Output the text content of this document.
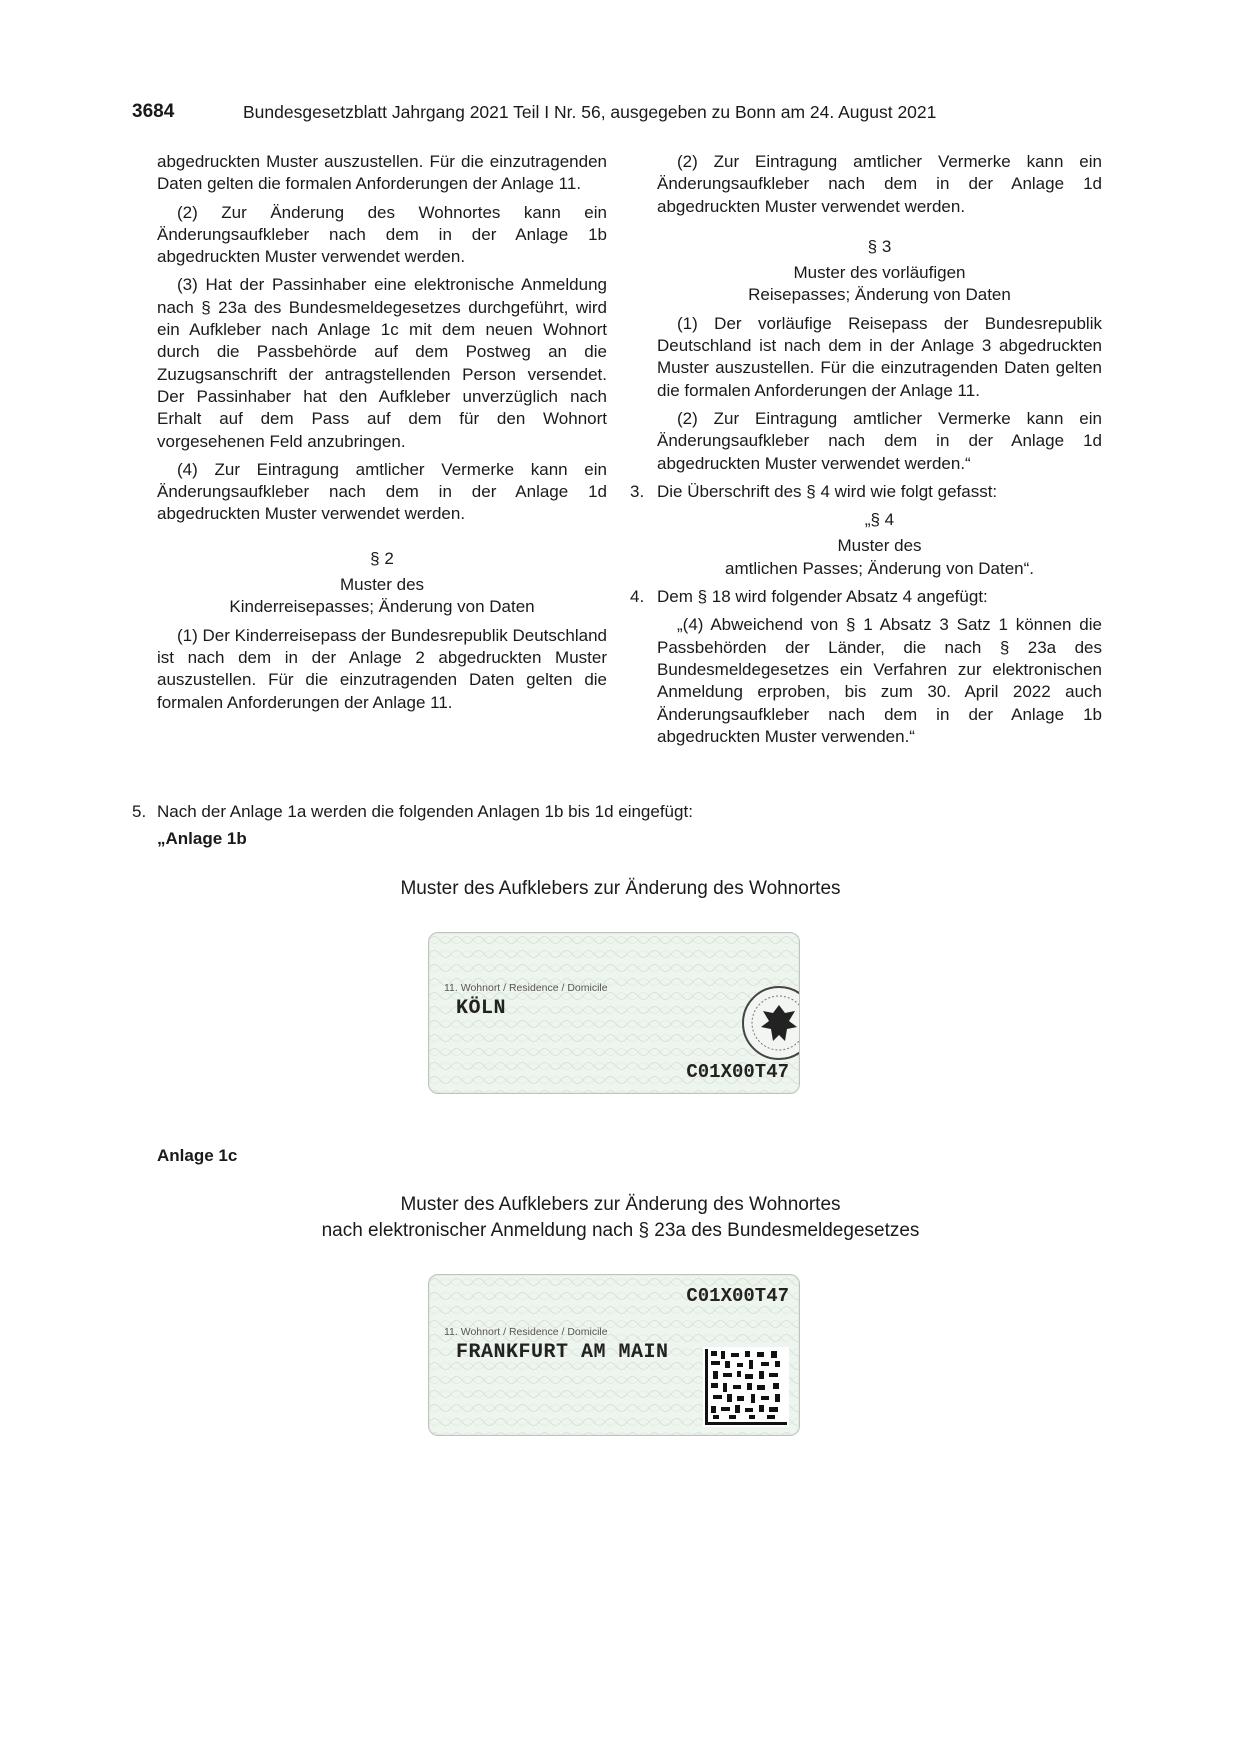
3684	Bundesgesetzblatt Jahrgang 2021 Teil I Nr. 56, ausgegeben zu Bonn am 24. August 2021

abgedruckten Muster auszustellen. Für die einzutragenden Daten gelten die formalen Anforderungen der Anlage 11.

(2) Zur Änderung des Wohnortes kann ein Änderungsaufkleber nach dem in der Anlage 1b abgedruckten Muster verwendet werden.

(3) Hat der Passinhaber eine elektronische Anmeldung nach § 23a des Bundesmeldegesetzes durchgeführt, wird ein Aufkleber nach Anlage 1c mit dem neuen Wohnort durch die Passbehörde auf dem Postweg an die Zuzugsanschrift der antragstellenden Person versendet. Der Passinhaber hat den Aufkleber unverzüglich nach Erhalt auf dem Pass auf dem für den Wohnort vorgesehenen Feld anzubringen.

(4) Zur Eintragung amtlicher Vermerke kann ein Änderungsaufkleber nach dem in der Anlage 1d abgedruckten Muster verwendet werden.

§ 2
Muster des
Kinderreisepasses; Änderung von Daten

(1) Der Kinderreisepass der Bundesrepublik Deutschland ist nach dem in der Anlage 2 abgedruckten Muster auszustellen. Für die einzutragenden Daten gelten die formalen Anforderungen der Anlage 11.

(2) Zur Eintragung amtlicher Vermerke kann ein Änderungsaufkleber nach dem in der Anlage 1d abgedruckten Muster verwendet werden.

§ 3
Muster des vorläufigen
Reisepasses; Änderung von Daten

(1) Der vorläufige Reisepass der Bundesrepublik Deutschland ist nach dem in der Anlage 3 abgedruckten Muster auszustellen. Für die einzutragenden Daten gelten die formalen Anforderungen der Anlage 11.

(2) Zur Eintragung amtlicher Vermerke kann ein Änderungsaufkleber nach dem in der Anlage 1d abgedruckten Muster verwendet werden.“

3. Die Überschrift des § 4 wird wie folgt gefasst:
„§ 4
Muster des
amtlichen Passes; Änderung von Daten“.
4. Dem § 18 wird folgender Absatz 4 angefügt:

„(4) Abweichend von § 1 Absatz 3 Satz 1 können die Passbehörden der Länder, die nach § 23a des Bundesmeldegesetzes ein Verfahren zur elektronischen Anmeldung erproben, bis zum 30. April 2022 auch Änderungsaufkleber nach dem in der Anlage 1b abgedruckten Muster verwenden.“

5. Nach der Anlage 1a werden die folgenden Anlagen 1b bis 1d eingefügt:
„Anlage 1b
Muster des Aufklebers zur Änderung des Wohnortes
11. Wohnort / Residence / Domicile
KÖLN
C01X00T47
Anlage 1c
Muster des Aufklebers zur Änderung des Wohnortes
nach elektronischer Anmeldung nach § 23a des Bundesmeldegesetzes
C01X00T47
11. Wohnort / Residence / Domicile
FRANKFURT AM MAIN
